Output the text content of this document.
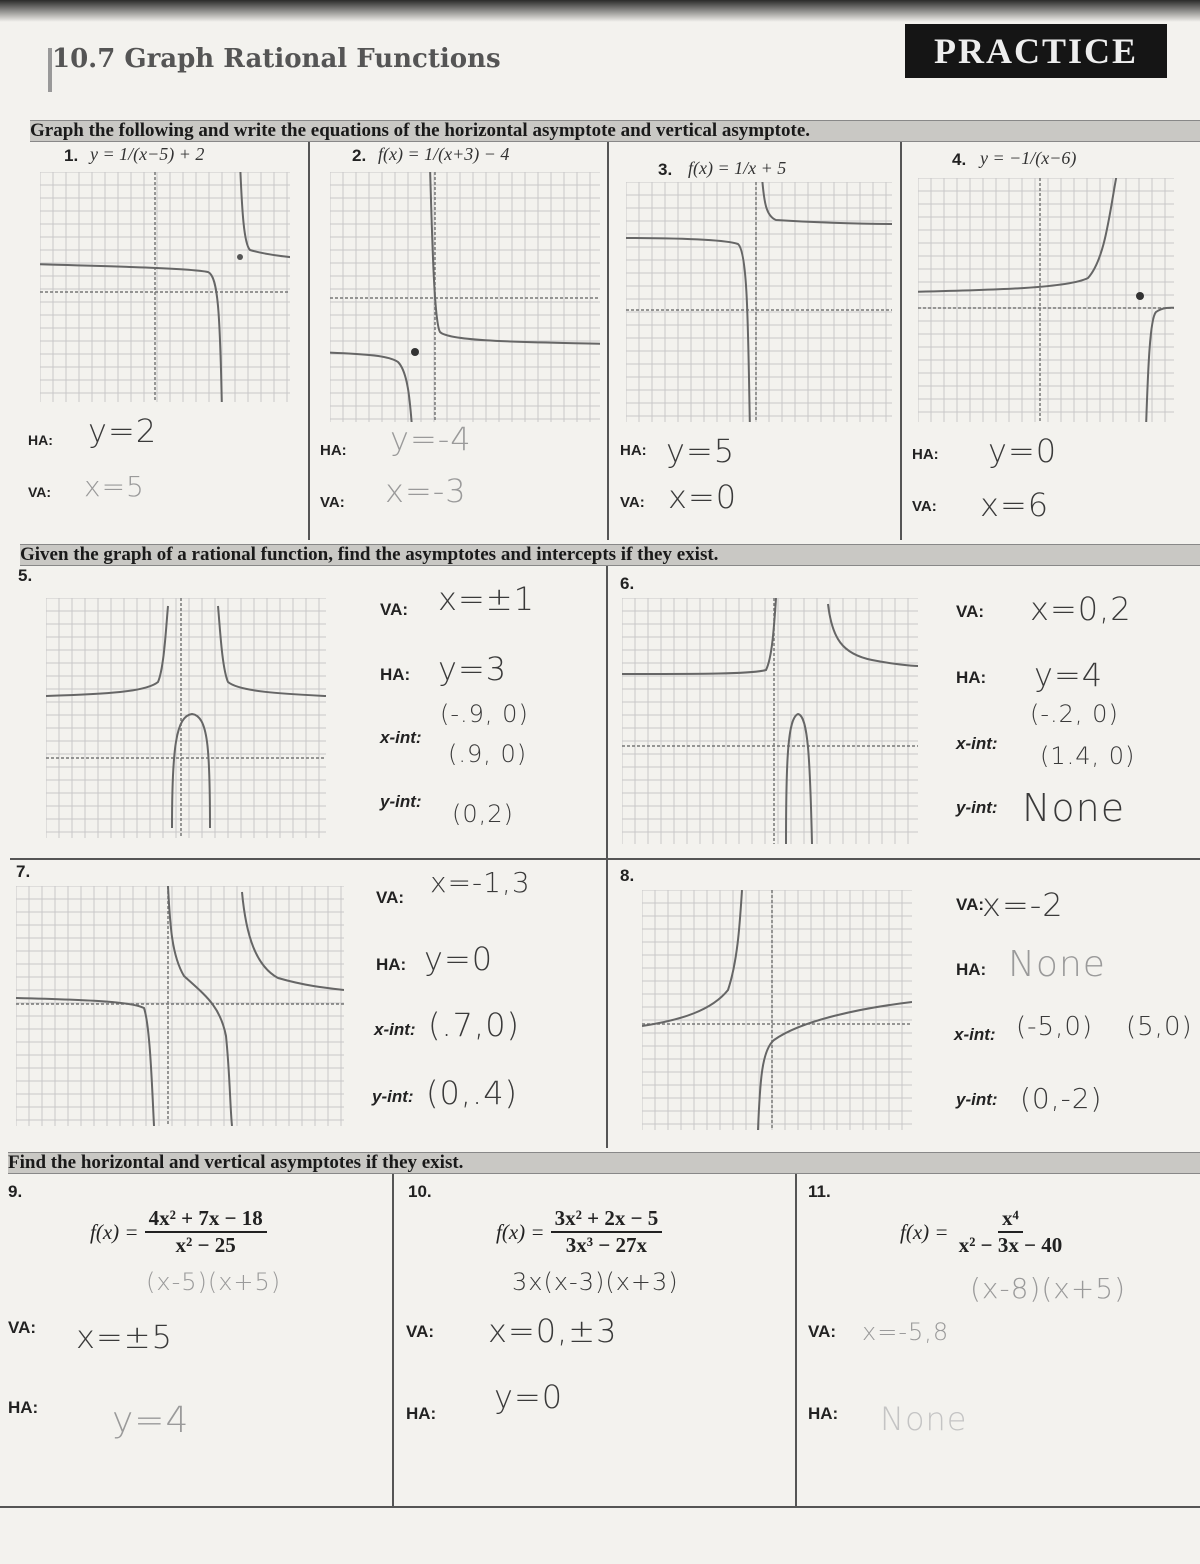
10.7 Graph Rational Functions	PRACTICE
Graph the following and write the equations of the horizontal asymptote and vertical asymptote.
1. y = 1/(x−5) + 2
HA:
VA:
y=2
x=5
2. f(x) = 1/(x+3) − 4
HA:
VA:
y=-4
x=-3
3. f(x) = 1/x + 5
HA:
VA:
y=5
x=0
4. y = −1/(x−6)
HA:
VA:
y=0
x=6
Given the graph of a rational function, find the asymptotes and intercepts if they exist.
5.
VA:
HA:
x-int:
y-int:
x=±1
y=3
(-.9, 0)
(.9, 0)
(0,2)
6.
VA:
HA:
x-int:
y-int:
x=0,2
y=4
(-.2, 0)
(1.4, 0)
None
7.
VA:
HA:
x-int:
y-int:
x=-1,3
y=0
(.7,0)
(0,.4)
8.
VA:
HA:
x-int:
y-int:
x=-2
None
(-5,0) (5,0)
(0,-2)
Find the horizontal and vertical asymptotes if they exist.
9.
$f(x) = \frac{\text{4x² + 7x − 18}}{\text{x² − 25}}$
(x-5)(x+5)
VA:
HA:
x=±5
y=4
10.
$f(x) = \frac{\text{3x² + 2x − 5}}{\text{3x³ − 27x}}$
3x(x-3)(x+3)
VA:
HA:
x=0,±3
y=0
11.
$f(x) = \frac{\text{x⁴}}{\text{x² − 3x − 40}}$
(x-8)(x+5)
VA:
HA:
x=-5,8
None
